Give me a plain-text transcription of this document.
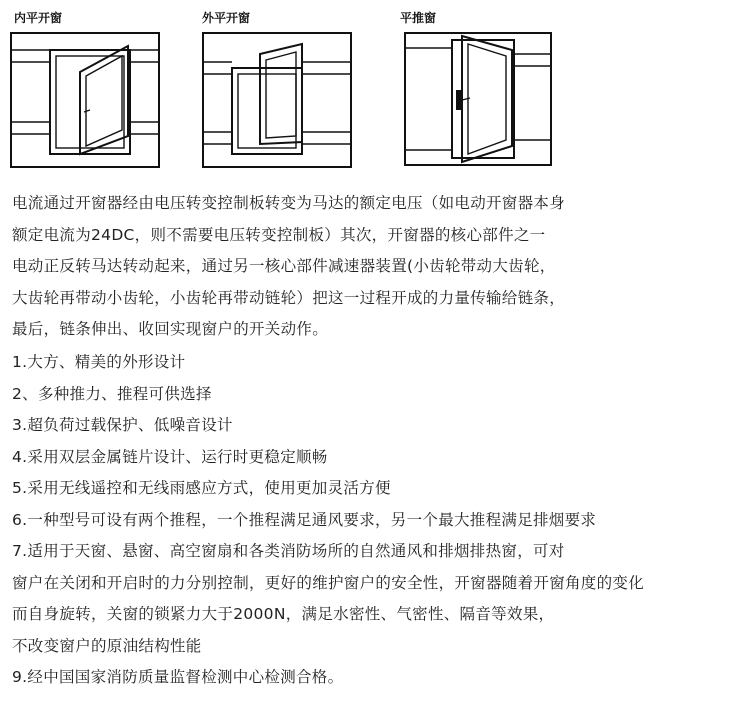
内平开窗	外平开窗	平推窗
电流通过开窗器经由电压转变控制板转变为马达的额定电压（如电动开窗器本身
额定电流为24DC，则不需要电压转变控制板）其次，开窗器的核心部件之一
电动正反转马达转动起来，通过另一核心部件减速器装置(小齿轮带动大齿轮，
大齿轮再带动小齿轮，小齿轮再带动链轮）把这一过程开成的力量传输给链条，
最后，链条伸出、收回实现窗户的开关动作。
1.大方、精美的外形设计
2、多种推力、推程可供选择
3.超负荷过载保护、低噪音设计
4.采用双层金属链片设计、运行时更稳定顺畅
5.采用无线遥控和无线雨感应方式，使用更加灵活方便
6.一种型号可设有两个推程，一个推程满足通风要求，另一个最大推程满足排烟要求
7.适用于天窗、悬窗、高空窗扇和各类消防场所的自然通风和排烟排热窗，可对
窗户在关闭和开启时的力分别控制，更好的维护窗户的安全性，开窗器随着开窗角度的变化
而自身旋转，关窗的锁紧力大于2000N，满足水密性、气密性、隔音等效果，
不改变窗户的原油结构性能
9.经中国国家消防质量监督检测中心检测合格。
